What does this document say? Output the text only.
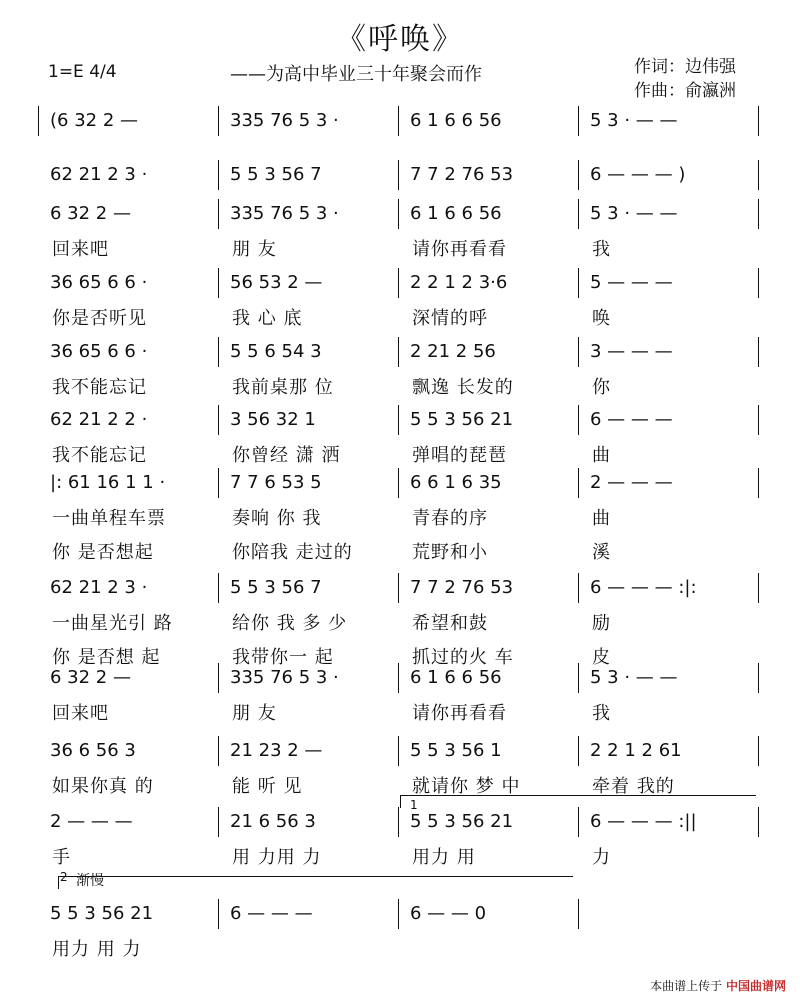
《呼唤》
1=E 4/4	——为高中毕业三十年聚会而作	作词：边伟强
作曲：俞瀛洲
(6 32 2 —	335 76 5 3 ·	6 1 6 6 56	5 3 · — —
62 21 2 3 ·	5 5 3 56 7	7 7 2 76 53	6 — — — )
6 32 2 —	335 76 5 3 ·	6 1 6 6 56	5 3 · — —
回来吧	朋 友	请你再看看	我
36 65 6 6 ·	56 53 2 —	2 2 1 2 3·6	5 — — —
你是否听见	我 心 底	深情的呼	唤
36 65 6 6 ·	5 5 6 54 3	2 21 2 56	3 — — —
我不能忘记	我前桌那 位	飘逸 长发的	你
62 21 2 2 ·	3 56 32 1	5 5 3 56 21	6 — — —
我不能忘记	你曾经 潇 洒	弹唱的琵琶	曲
|: 61 16 1 1 ·	7 7 6 53 5	6 6 1 6 35	2 — — —
一曲单程车票	奏响 你 我	青春的序	曲
你 是否想起	你陪我 走过的	荒野和小	溪
62 21 2 3 ·	5 5 3 56 7	7 7 2 76 53	6 — — — :|:
一曲星光引 路	给你 我 多 少	希望和鼓	励
你 是否想 起	我带你一 起	抓过的火 车	皮
6 32 2 —	335 76 5 3 ·	6 1 6 6 56	5 3 · — —
回来吧	朋 友	请你再看看	我
36 6 56 3	21 23 2 —	5 5 3 56 1	2 2 1 2 61
如果你真 的	能 听 见	就请你 梦 中	牵着 我的
2 — — —	21 6 56 3	5 5 3 56 21	6 — — — :||
手	用 力用 力	用力 用	力
5 5 3 56 21	6 — — —	6 — — 0
用力 用 力
2 渐慢
1
本曲谱上传于 中国曲谱网
